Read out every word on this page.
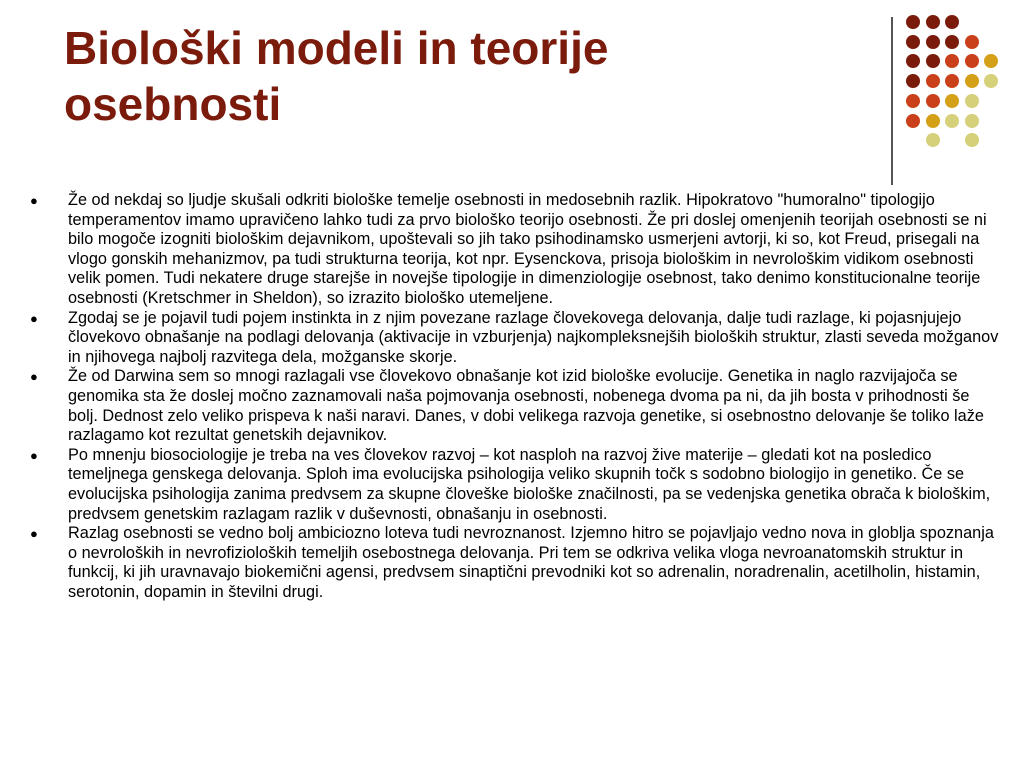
Biološki modeli in teorije
osebnosti
● Že od nekdaj so ljudje skušali odkriti biološke temelje osebnosti in medosebnih razlik. Hipokratovo "humoralno" tipologijo temperamentov imamo upravičeno lahko tudi za prvo biološko teorijo osebnosti. Že pri doslej omenjenih teorijah osebnosti se ni bilo mogoče izogniti biološkim dejavnikom, upoštevali so jih tako psihodinamsko usmerjeni avtorji, ki so, kot Freud, prisegali na vlogo gonskih mehanizmov, pa tudi strukturna teorija, kot npr. Eysenckova, prisoja biološkim in nevrološkim vidikom osebnosti velik pomen. Tudi nekatere druge starejše in novejše tipologije in dimenziologije osebnost, tako denimo konstitucionalne teorije osebnosti (Kretschmer in Sheldon), so izrazito biološko utemeljene.
● Zgodaj se je pojavil tudi pojem instinkta in z njim povezane razlage človekovega delovanja, dalje tudi razlage, ki pojasnjujejo človekovo obnašanje na podlagi delovanja (aktivacije in vzburjenja) najkompleksnejših bioloških struktur, zlasti seveda možganov in njihovega najbolj razvitega dela, možganske skorje.
● Že od Darwina sem so mnogi razlagali vse človekovo obnašanje kot izid biološke evolucije. Genetika in naglo razvijajoča se genomika sta že doslej močno zaznamovali naša pojmovanja osebnosti, nobenega dvoma pa ni, da jih bosta v prihodnosti še bolj. Dednost zelo veliko prispeva k naši naravi. Danes, v dobi velikega razvoja genetike, si osebnostno delovanje še toliko laže razlagamo kot rezultat genetskih dejavnikov.
● Po mnenju biosociologije je treba na ves človekov razvoj – kot nasploh na razvoj žive materije – gledati kot na posledico temeljnega genskega delovanja. Sploh ima evolucijska psihologija veliko skupnih točk s sodobno biologijo in genetiko. Če se evolucijska psihologija zanima predvsem za skupne človeške biološke značilnosti, pa se vedenjska genetika obrača k biološkim, predvsem genetskim razlagam razlik v duševnosti, obnašanju in osebnosti.
● Razlag osebnosti se vedno bolj ambiciozno loteva tudi nevroznanost. Izjemno hitro se pojavljajo vedno nova in globlja spoznanja o nevroloških in nevrofizioloških temeljih osebostnega delovanja. Pri tem se odkriva velika vloga nevroanatomskih struktur in funkcij, ki jih uravnavajo biokemični agensi, predvsem sinaptični prevodniki kot so adrenalin, noradrenalin, acetilholin, histamin, serotonin, dopamin in številni drugi.
